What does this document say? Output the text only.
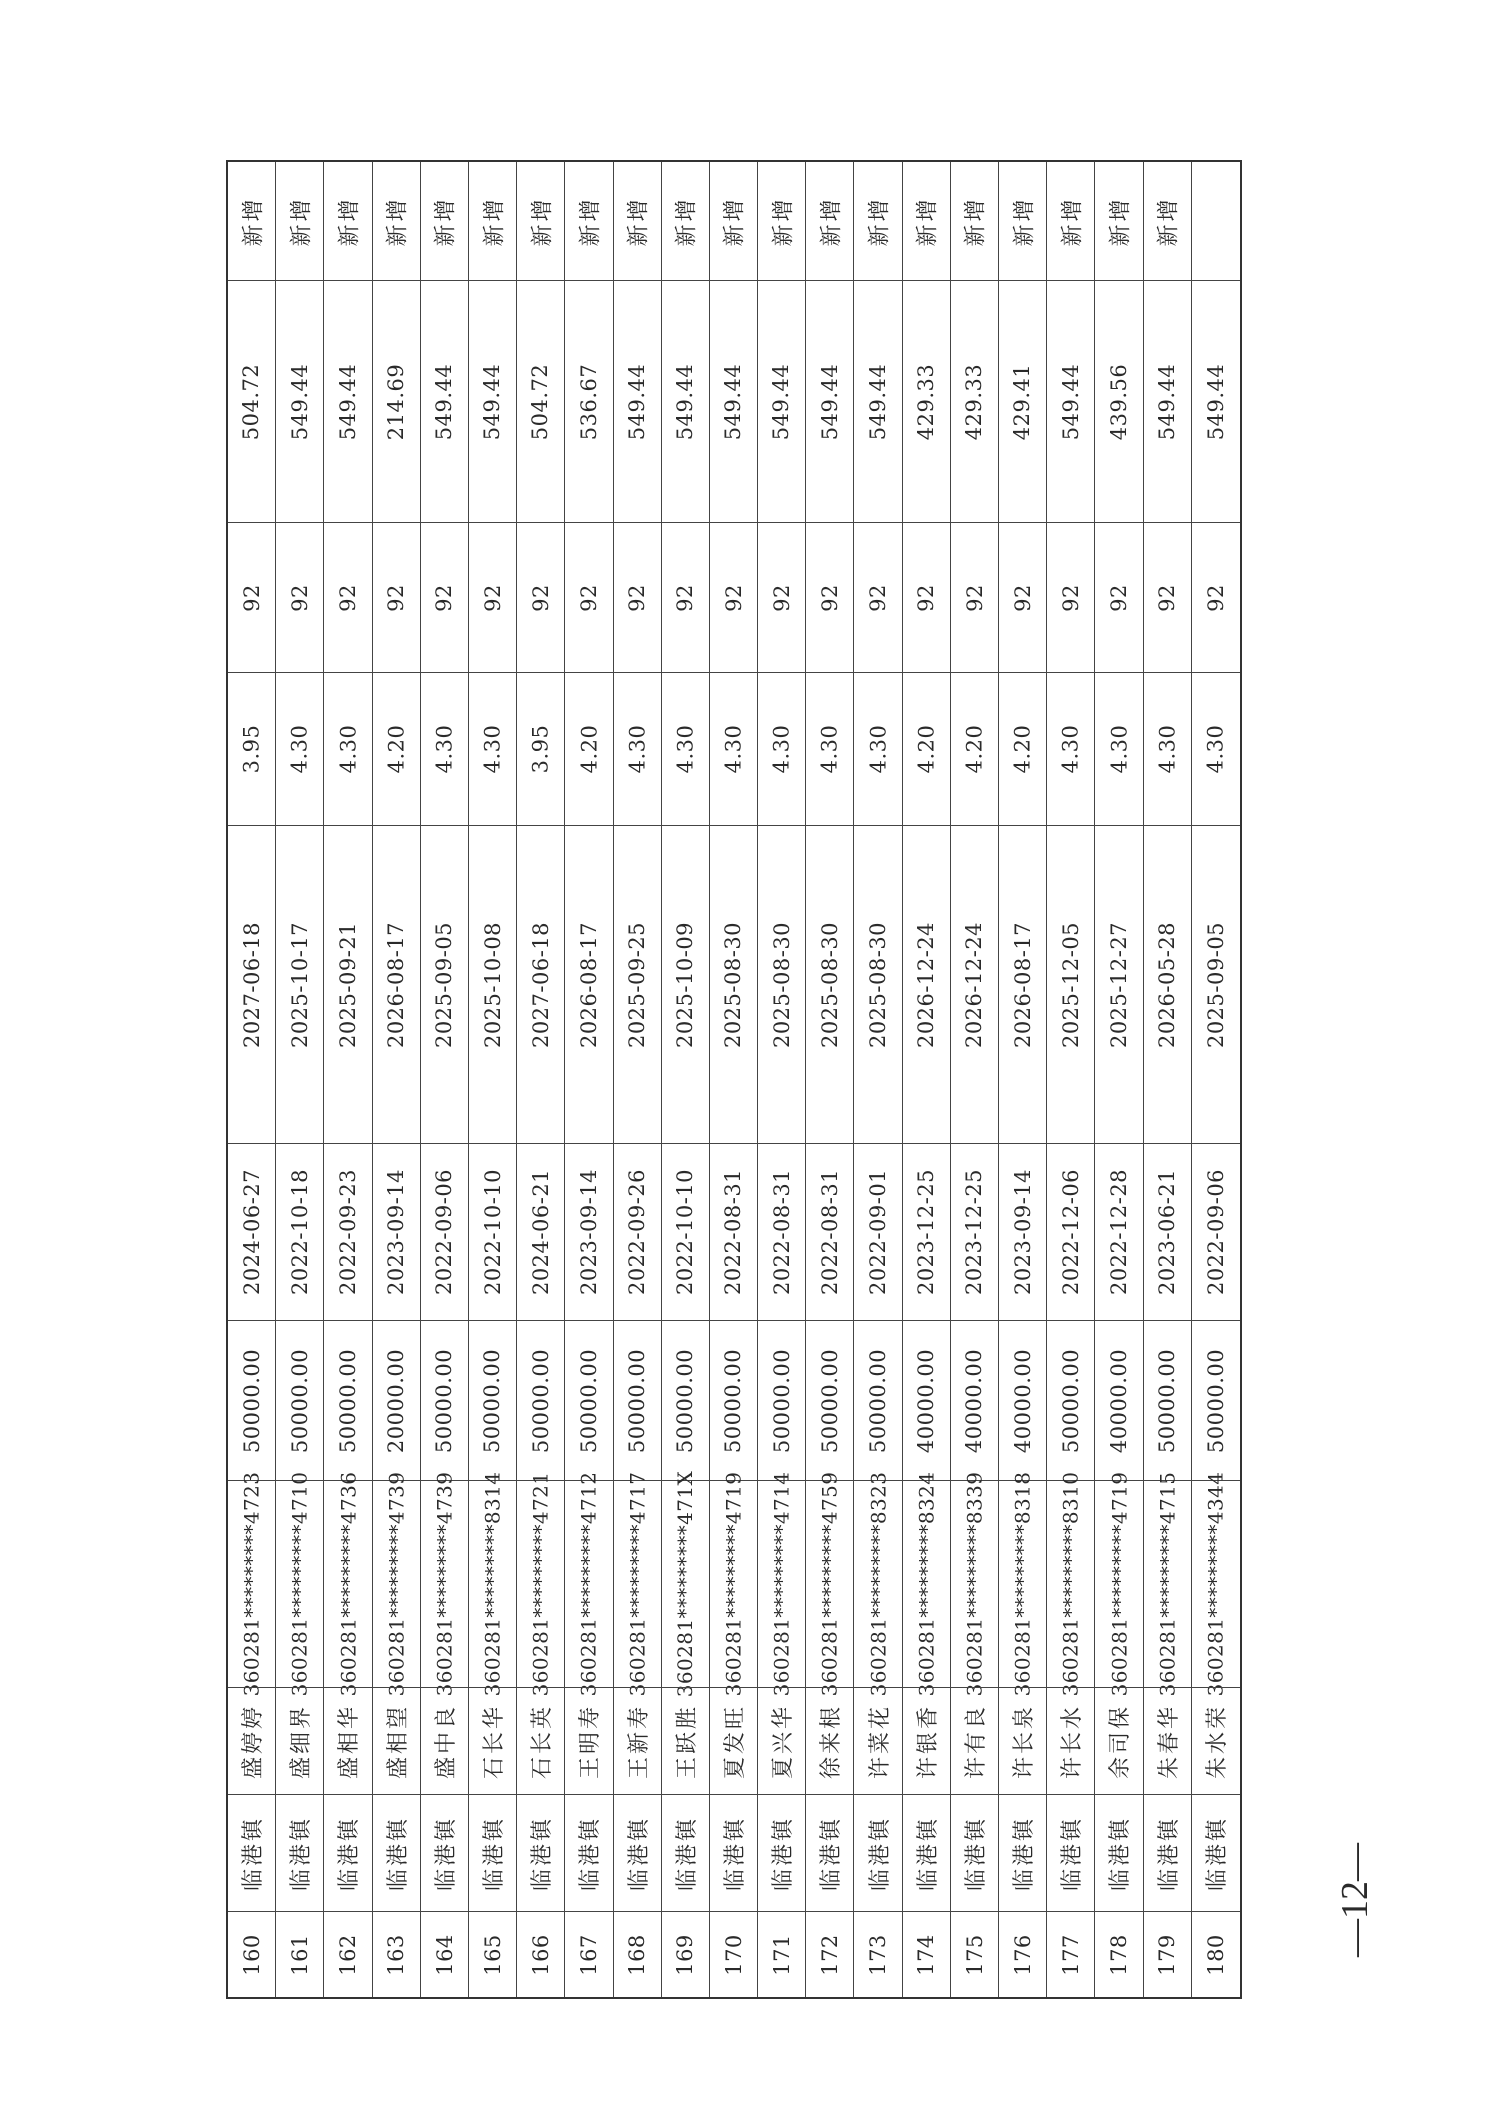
新增
504.72
92
3.95
2027-06-18
2024-06-27
50000.00
360281*********4723
盛婷婷
临港镇
160
新增
549.44
92
4.30
2025-10-17
2022-10-18
50000.00
360281*********4710
盛细界
临港镇
161
新增
549.44
92
4.30
2025-09-21
2022-09-23
50000.00
360281*********4736
盛相华
临港镇
162
新增
214.69
92
4.20
2026-08-17
2023-09-14
20000.00
360281*********4739
盛相望
临港镇
163
新增
549.44
92
4.30
2025-09-05
2022-09-06
50000.00
360281*********4739
盛中良
临港镇
164
新增
549.44
92
4.30
2025-10-08
2022-10-10
50000.00
360281*********8314
石长华
临港镇
165
新增
504.72
92
3.95
2027-06-18
2024-06-21
50000.00
360281*********4721
石长英
临港镇
166
新增
536.67
92
4.20
2026-08-17
2023-09-14
50000.00
360281*********4712
王明寿
临港镇
167
新增
549.44
92
4.30
2025-09-25
2022-09-26
50000.00
360281*********4717
王新寿
临港镇
168
新增
549.44
92
4.30
2025-10-09
2022-10-10
50000.00
360281*********471X
王跃胜
临港镇
169
新增
549.44
92
4.30
2025-08-30
2022-08-31
50000.00
360281*********4719
夏发旺
临港镇
170
新增
549.44
92
4.30
2025-08-30
2022-08-31
50000.00
360281*********4714
夏兴华
临港镇
171
新增
549.44
92
4.30
2025-08-30
2022-08-31
50000.00
360281*********4759
徐来根
临港镇
172
新增
549.44
92
4.30
2025-08-30
2022-09-01
50000.00
360281*********8323
许菜花
临港镇
173
新增
429.33
92
4.20
2026-12-24
2023-12-25
40000.00
360281*********8324
许银香
临港镇
174
新增
429.33
92
4.20
2026-12-24
2023-12-25
40000.00
360281*********8339
许有良
临港镇
175
新增
429.41
92
4.20
2026-08-17
2023-09-14
40000.00
360281*********8318
许长泉
临港镇
176
新增
549.44
92
4.30
2025-12-05
2022-12-06
50000.00
360281*********8310
许长水
临港镇
177
新增
439.56
92
4.30
2025-12-27
2022-12-28
40000.00
360281*********4719
余司保
临港镇
178
新增
549.44
92
4.30
2026-05-28
2023-06-21
50000.00
360281*********4715
朱春华
临港镇
179
549.44
92
4.30
2025-09-05
2022-09-06
50000.00
360281*********4344
朱水荣
临港镇
180	—12—
